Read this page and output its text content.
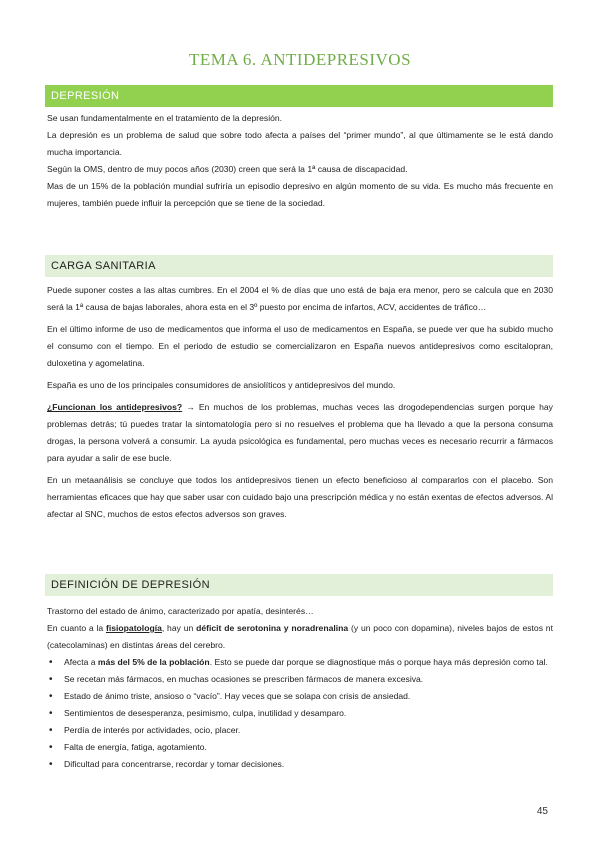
TEMA 6. ANTIDEPRESIVOS
DEPRESIÓN

Se usan fundamentalmente en el tratamiento de la depresión.

La depresión es un problema de salud que sobre todo afecta a países del “primer mundo”, al que últimamente se le está dando mucha importancia.

Según la OMS, dentro de muy pocos años (2030) creen que será la 1ª causa de discapacidad.

Mas de un 15% de la población mundial sufriría un episodio depresivo en algún momento de su vida. Es mucho más frecuente en mujeres, también puede influir la percepción que se tiene de la sociedad.

CARGA SANITARIA

Puede suponer costes a las altas cumbres. En el 2004 el % de días que uno está de baja era menor, pero se calcula que en 2030 será la 1ª causa de bajas laborales, ahora esta en el 3º puesto por encima de infartos, ACV, accidentes de tráfico…

En el último informe de uso de medicamentos que informa el uso de medicamentos en España, se puede ver que ha subido mucho el consumo con el tiempo. En el periodo de estudio se comercializaron en España nuevos antidepresivos como escitalopran, duloxetina y agomelatina.

España es uno de los principales consumidores de ansiolíticos y antidepresivos del mundo.

¿Funcionan los antidepresivos? → En muchos de los problemas, muchas veces las drogodependencias surgen porque hay problemas detrás; tú puedes tratar la sintomatología pero si no resuelves el problema que ha llevado a que la persona consuma drogas, la persona volverá a consumir. La ayuda psicológica es fundamental, pero muchas veces es necesario recurrir a fármacos para ayudar a salir de ese bucle.

En un metaanálisis se concluye que todos los antidepresivos tienen un efecto beneficioso al compararlos con el placebo. Son herramientas eficaces que hay que saber usar con cuidado bajo una prescripción médica y no están exentas de efectos adversos. Al afectar al SNC, muchos de estos efectos adversos son graves.

DEFINICIÓN DE DEPRESIÓN

Trastorno del estado de ánimo, caracterizado por apatía, desinterés…

En cuanto a la fisiopatología, hay un déficit de serotonina y noradrenalina (y un poco con dopamina), niveles bajos de estos nt (catecolaminas) en distintas áreas del cerebro.

• Afecta a más del 5% de la población. Esto se puede dar porque se diagnostique más o porque haya más depresión como tal.
• Se recetan más fármacos, en muchas ocasiones se prescriben fármacos de manera excesiva.
• Estado de ánimo triste, ansioso o “vacío”. Hay veces que se solapa con crisis de ansiedad.
• Sentimientos de desesperanza, pesimismo, culpa, inutilidad y desamparo.
• Perdía de interés por actividades, ocio, placer.
• Falta de energía, fatiga, agotamiento.
• Dificultad para concentrarse, recordar y tomar decisiones.
45
